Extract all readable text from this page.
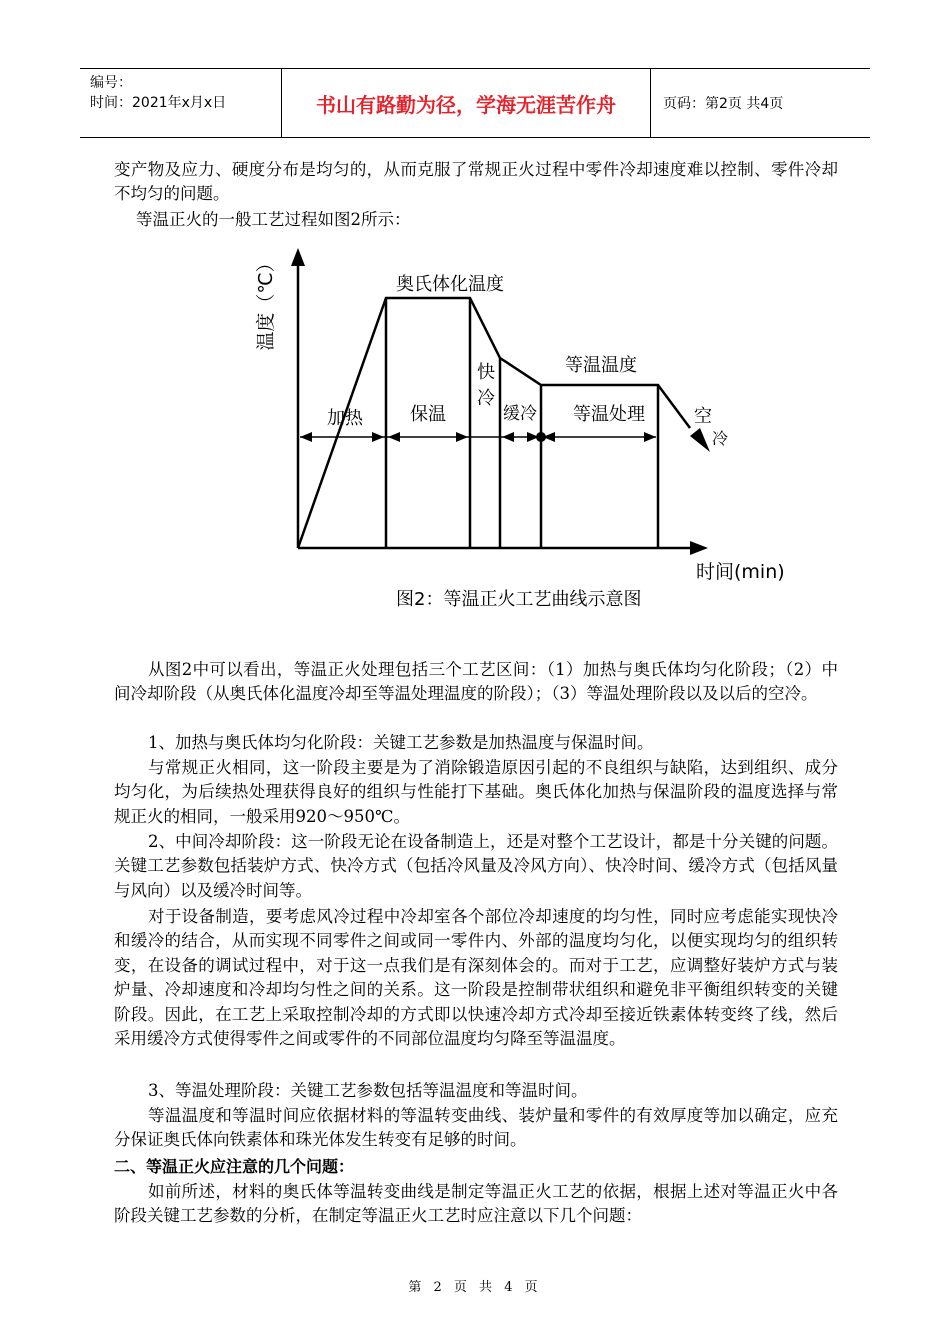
编号：
时间：2021年x月x日	书山有路勤为径，学海无涯苦作舟	页码：第2页 共4页

变产物及应力、硬度分布是均匀的，从而克服了常规正火过程中零件冷却速度难以控制、零件冷却不均匀的问题。

等温正火的一般工艺过程如图2所示：

温度（℃）
时间(min)
奥氏体化温度
等温温度
加热	保温
快
冷
缓冷 等温处理	空
冷
图2：等温正火工艺曲线示意图

从图2中可以看出，等温正火处理包括三个工艺区间：（1）加热与奥氏体均匀化阶段；（2）中间冷却阶段（从奥氏体化温度冷却至等温处理温度的阶段）；（3）等温处理阶段以及以后的空冷。

1、加热与奥氏体均匀化阶段：关键工艺参数是加热温度与保温时间。

与常规正火相同，这一阶段主要是为了消除锻造原因引起的不良组织与缺陷，达到组织、成分均匀化，为后续热处理获得良好的组织与性能打下基础。奥氏体化加热与保温阶段的温度选择与常规正火的相同，一般采用920～950℃。

2、中间冷却阶段：这一阶段无论在设备制造上，还是对整个工艺设计，都是十分关键的问题。关键工艺参数包括装炉方式、快冷方式（包括冷风量及冷风方向）、快冷时间、缓冷方式（包括风量与风向）以及缓冷时间等。

对于设备制造，要考虑风冷过程中冷却室各个部位冷却速度的均匀性，同时应考虑能实现快冷和缓冷的结合，从而实现不同零件之间或同一零件内、外部的温度均匀化，以便实现均匀的组织转变，在设备的调试过程中，对于这一点我们是有深刻体会的。而对于工艺，应调整好装炉方式与装炉量、冷却速度和冷却均匀性之间的关系。这一阶段是控制带状组织和避免非平衡组织转变的关键阶段。因此，在工艺上采取控制冷却的方式即以快速冷却方式冷却至接近铁素体转变终了线，然后采用缓冷方式使得零件之间或零件的不同部位温度均匀降至等温温度。

3、等温处理阶段：关键工艺参数包括等温温度和等温时间。

等温温度和等温时间应依据材料的等温转变曲线、装炉量和零件的有效厚度等加以确定，应充分保证奥氏体向铁素体和珠光体发生转变有足够的时间。

二、等温正火应注意的几个问题：

如前所述，材料的奥氏体等温转变曲线是制定等温正火工艺的依据，根据上述对等温正火中各阶段关键工艺参数的分析，在制定等温正火工艺时应注意以下几个问题：

第 2 页 共 4 页
